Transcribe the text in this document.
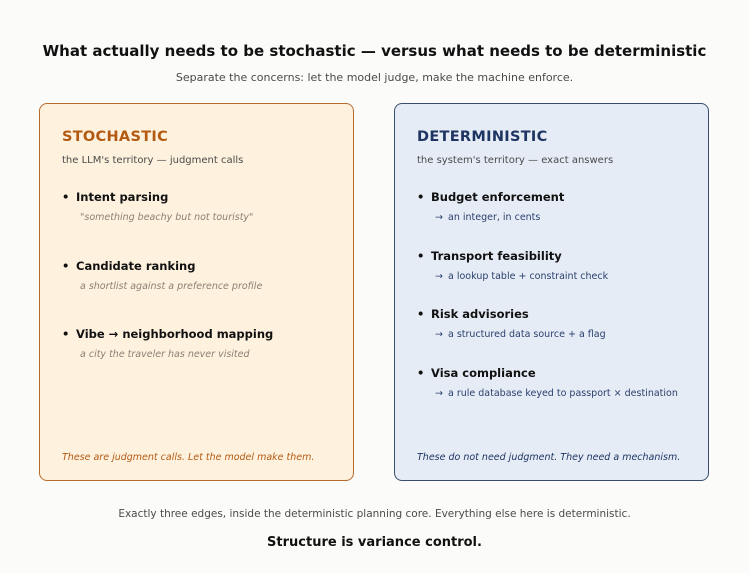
What actually needs to be stochastic — versus what needs to be deterministic
Separate the concerns: let the model judge, make the machine enforce.
STOCHASTIC
the LLM's territory — judgment calls
• Intent parsing
"something beachy but not touristy"
• Candidate ranking
a shortlist against a preference profile
• Vibe → neighborhood mapping
a city the traveler has never visited
These are judgment calls. Let the model make them.
DETERMINISTIC
the system's territory — exact answers
• Budget enforcement
→ an integer, in cents
• Transport feasibility
→ a lookup table + constraint check
• Risk advisories
→ a structured data source + a flag
• Visa compliance
→ a rule database keyed to passport × destination
These do not need judgment. They need a mechanism.
Exactly three edges, inside the deterministic planning core. Everything else here is deterministic.
Structure is variance control.
